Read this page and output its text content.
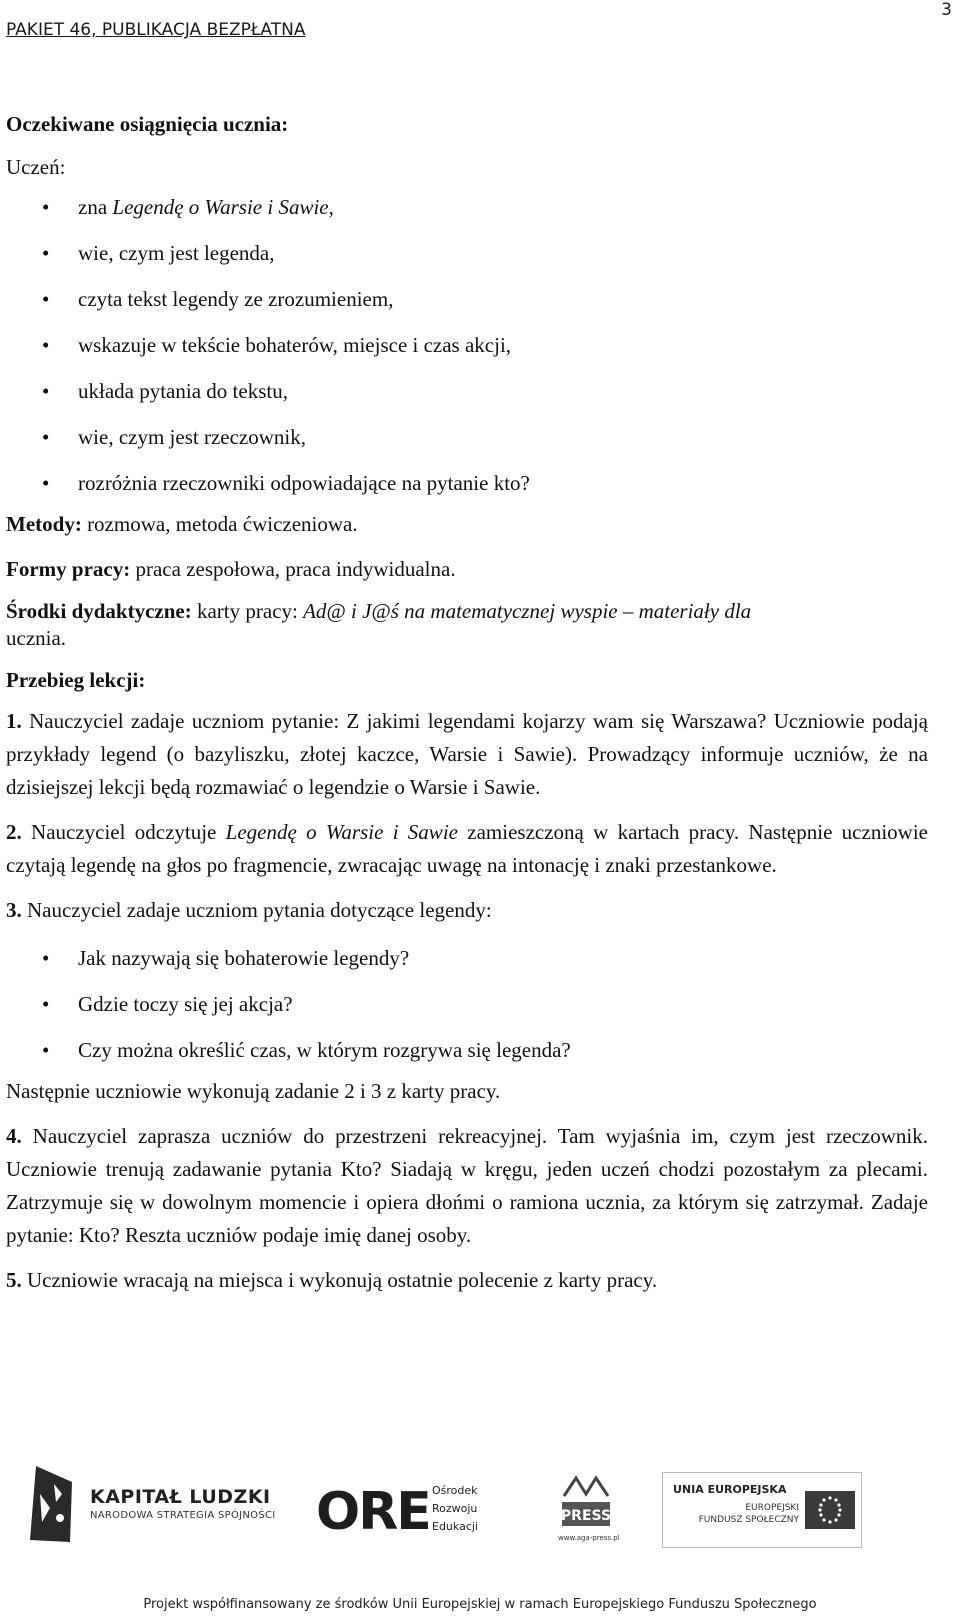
PAKIET 46, PUBLIKACJA BEZPŁATNA
3

Oczekiwane osiągnięcia ucznia:

Uczeń:

• zna Legendę o Warsie i Sawie,
• wie, czym jest legenda,
• czyta tekst legendy ze zrozumieniem,
• wskazuje w tekście bohaterów, miejsce i czas akcji,
• układa pytania do tekstu,
• wie, czym jest rzeczownik,
• rozróżnia rzeczowniki odpowiadające na pytanie kto?

Metody: rozmowa, metoda ćwiczeniowa.

Formy pracy: praca zespołowa, praca indywidualna.

Środki dydaktyczne: karty pracy: Ad@ i J@ś na matematycznej wyspie – materiały dla
ucznia.

Przebieg lekcji:

1. Nauczyciel zadaje uczniom pytanie: Z jakimi legendami kojarzy wam się Warszawa? Uczniowie podają przykłady legend (o bazyliszku, złotej kaczce, Warsie i Sawie). Prowadzący informuje uczniów, że na dzisiejszej lekcji będą rozmawiać o legendzie o Warsie i Sawie.

2. Nauczyciel odczytuje Legendę o Warsie i Sawie zamieszczoną w kartach pracy. Następnie uczniowie czytają legendę na głos po fragmencie, zwracając uwagę na intonację i znaki przestankowe.

3. Nauczyciel zadaje uczniom pytania dotyczące legendy:

• Jak nazywają się bohaterowie legendy?
• Gdzie toczy się jej akcja?
• Czy można określić czas, w którym rozgrywa się legenda?

Następnie uczniowie wykonują zadanie 2 i 3 z karty pracy.

4. Nauczyciel zaprasza uczniów do przestrzeni rekreacyjnej. Tam wyjaśnia im, czym jest rzeczownik. Uczniowie trenują zadawanie pytania Kto? Siadają w kręgu, jeden uczeń chodzi pozostałym za plecami. Zatrzymuje się w dowolnym momencie i opiera dłońmi o ramiona ucznia, za którym się zatrzymał. Zadaje pytanie: Kto? Reszta uczniów podaje imię danej osoby.

5. Uczniowie wracają na miejsca i wykonują ostatnie polecenie z karty pracy.

KAPITAŁ LUDZKI
NARODOWA STRATEGIA SPÓJNOŚCI ORE Ośrodek
Rozwoju
Edukacji
PRESS
www.aga-press.pl
UNIA EUROPEJSKA
EUROPEJSKI
FUNDUSZ SPOŁECZNY
Projekt współfinansowany ze środków Unii Europejskiej w ramach Europejskiego Funduszu Społecznego
